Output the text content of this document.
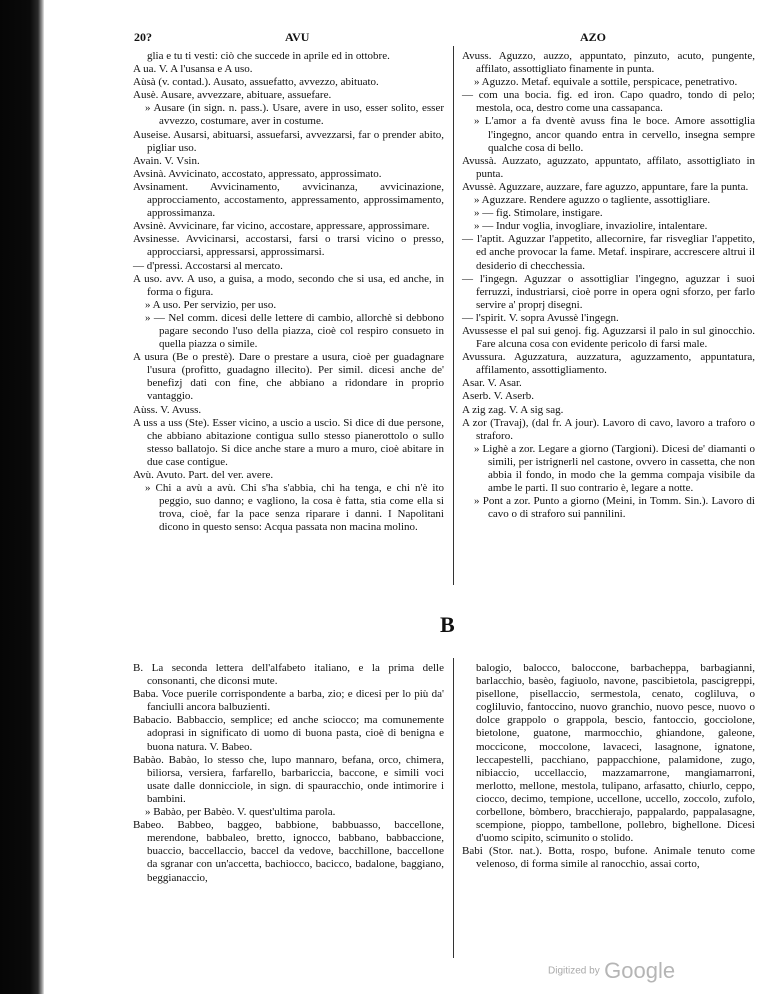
20?	AVU	AZO

glia e tu ti vesti: ciò che succede in aprile ed in ottobre.

A ua. V. A l'usansa e A uso.

Aùsà (v. contad.). Ausato, assuefatto, avvezzo, abituato.

Ausè. Ausare, avvezzare, abituare, assuefare.

» Ausare (in sign. n. pass.). Usare, avere in uso, esser solito, esser avvezzo, costumare, aver in costume.

Auseise. Ausarsi, abituarsi, assuefarsi, avvezzarsi, far o prender abito, pigliar uso.

Avain. V. Vsin.

Avsinà. Avvicinato, accostato, appressato, approssimato.

Avsinament. Avvicinamento, avvicinanza, avvicinazione, approcciamento, accostamento, appressamento, approssimamento, approssimanza.

Avsinè. Avvicinare, far vicino, accostare, appressare, approssimare.

Avsinesse. Avvicinarsi, accostarsi, farsi o trarsi vicino o presso, approcciarsi, appressarsi, approssimarsi.

— d'pressi. Accostarsi al mercato.

A uso. avv. A uso, a guisa, a modo, secondo che si usa, ed anche, in forma o figura.

» A uso. Per servizio, per uso.

» — Nel comm. dicesi delle lettere di cambio, allorchè si debbono pagare secondo l'uso della piazza, cioè col respiro consueto in quella piazza o simile.

A usura (Be o prestè). Dare o prestare a usura, cioè per guadagnare l'usura (profitto, guadagno illecito). Per simil. dicesi anche de' benefizj dati con fine, che abbiano a ridondare in proprio vantaggio.

Aùss. V. Avuss.

A uss a uss (Ste). Esser vicino, a uscio a uscio. Si dice di due persone, che abbiano abitazione contigua sullo stesso pianerottolo o sullo stesso ballatojo. Si dice anche stare a muro a muro, cioè abitare in due case contigue.

Avù. Avuto. Part. del ver. avere.

» Chi a avù a avù. Chi s'ha s'abbia, chi ha tenga, e chi n'è ito peggio, suo danno; e vagliono, la cosa è fatta, stia come ella si trova, cioè, far la pace senza riparare i danni. I Napolitani dicono in questo senso: Acqua passata non macina molino.

Avuss. Aguzzo, auzzo, appuntato, pinzuto, acuto, pungente, affilato, assottigliato finamente in punta.

» Aguzzo. Metaf. equivale a sottile, perspicace, penetrativo.

— com una bocia. fig. ed iron. Capo quadro, tondo di pelo; mestola, oca, destro come una cassapanca.

» L'amor a fa dventè avuss fina le boce. Amore assottiglia l'ingegno, ancor quando entra in cervello, insegna sempre qualche cosa di bello.

Avussà. Auzzato, aguzzato, appuntato, affilato, assottigliato in punta.

Avussè. Aguzzare, auzzare, fare aguzzo, appuntare, fare la punta.

» Aguzzare. Rendere aguzzo o tagliente, assottigliare.

» — fig. Stimolare, instigare.

» — Indur voglia, invogliare, invaziolire, intalentare.

— l'aptit. Aguzzar l'appetito, allecornire, far risvegliar l'appetito, ed anche provocar la fame. Metaf. inspirare, accrescere altrui il desiderio di checchessia.

— l'ingegn. Aguzzar o assottigliar l'ingegno, aguzzar i suoi ferruzzi, industriarsi, cioè porre in opera ogni sforzo, per farlo servire a' proprj disegni.

— l'spirit. V. sopra Avussè l'ingegn.

Avussesse el pal sui genoj. fig. Aguzzarsi il palo in sul ginocchio. Fare alcuna cosa con evidente pericolo di farsi male.

Avussura. Aguzzatura, auzzatura, aguzzamento, appuntatura, affilamento, assottigliamento.

Asar. V. Asar.

Aserb. V. Aserb.

A zig zag. V. A sig sag.

A zor (Travaj), (dal fr. A jour). Lavoro di cavo, lavoro a traforo o straforo.

» Lighè a zor. Legare a giorno (Targioni). Dicesi de' diamanti o simili, per istrignerli nel castone, ovvero in cassetta, che non abbia il fondo, in modo che la gemma compaja visibile da ambe le parti. Il suo contrario è, legare a notte.

» Pont a zor. Punto a giorno (Meini, in Tomm. Sin.). Lavoro di cavo o di straforo sui pannilini.

B

B. La seconda lettera dell'alfabeto italiano, e la prima delle consonanti, che diconsi mute.

Baba. Voce puerile corrispondente a barba, zio; e dicesi per lo più da' fanciulli ancora balbuzienti.

Babacio. Babbaccio, semplice; ed anche sciocco; ma comunemente adoprasi in significato di uomo di buona pasta, cioè di benigna e buona natura. V. Babeo.

Babào. Babào, lo stesso che, lupo mannaro, befana, orco, chimera, biliorsa, versiera, farfarello, barbariccia, baccone, e simili voci usate dalle donnicciole, in sign. di spauracchio, onde intimorire i bambini.

» Babào, per Babèo. V. quest'ultima parola.

Babeo. Babbeo, baggeo, babbione, babbuasso, baccellone, merendone, babbaleo, bretto, ignocco, babbano, babbaccione, buaccio, baccellaccio, baccel da vedove, bacchillone, baccellone da sgranar con un'accetta, bachiocco, bacicco, badalone, baggiano, beggianaccio,

balogio, balocco, baloccone, barbacheppa, barbagianni, barlacchio, basèo, fagiuolo, navone, pascibietola, pascigreppi, pisellone, pisellaccio, sermestola, cenato, cogliluva, o cogliluvio, fantoccino, nuovo granchio, nuovo pesce, nuovo o dolce grappolo o grappola, bescio, fantoccio, gocciolone, bietolone, guatone, marmocchio, ghiandone, galeone, moccicone, moccolone, lavaceci, lasagnone, ignatone, leccapestelli, pacchiano, pappacchione, palamidone, zugo, nibiaccio, uccellaccio, mazzamarrone, mangiamarroni, merlotto, mellone, mestola, tulipano, arfasatto, chiurlo, ceppo, ciocco, decimo, tempione, uccellone, uccello, zoccolo, zufolo, corbellone, bòmbero, bracchierajo, pappalardo, pappalasagne, scempione, pioppo, tambellone, pollebro, bighellone. Dicesi d'uomo scipito, scimunito o stolido.

Babi (Stor. nat.). Botta, rospo, bufone. Animale tenuto come velenoso, di forma simile al ranocchio, assai corto,

Digitized by Google
